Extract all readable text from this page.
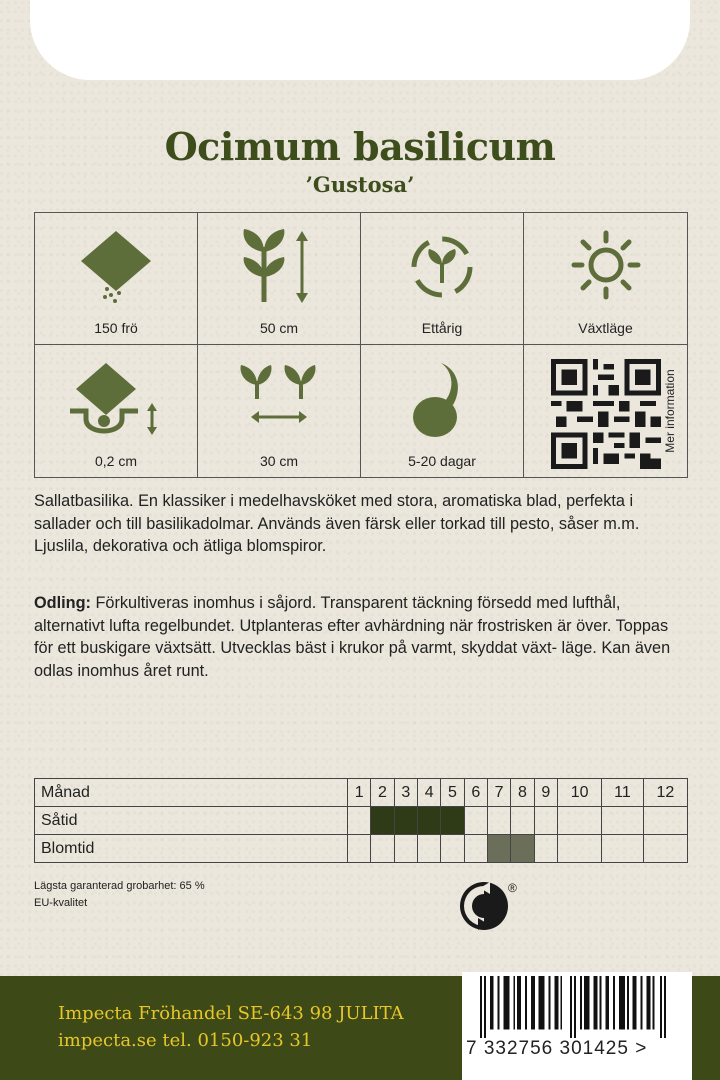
Ocimum basilicum
’Gustosa’
150 frö	50 cm	Ettårig	Växtläge
0,2 cm	30 cm	5-20 dagar
Mer information
Sallatbasilika. En klassiker i medelhavsköket med stora, aromatiska blad, perfekta i sallader och till basilikadolmar. Används även färsk eller torkad till pesto, såser m.m. Ljuslila, dekorativa och ätliga blomspiror.
Odling: Förkultiveras inomhus i såjord. Transparent täckning försedd med lufthål, alternativt lufta regelbundet. Utplanteras efter avhärdning när frostrisken är över. Toppas för ett buskigare växtsätt. Utvecklas bäst i krukor på varmt, skyddat växt- läge. Kan även odlas inomhus året runt.
Månad	1	2	3	4	5	6	7	8	9	10	11	12
Såtid												
Blomtid												
Lägsta garanterad grobarhet: 65 %
EU-kvalitet
®
Impecta Fröhandel SE-643 98 JULITA
impecta.se tel. 0150-923 31	7 332756 301425 >
